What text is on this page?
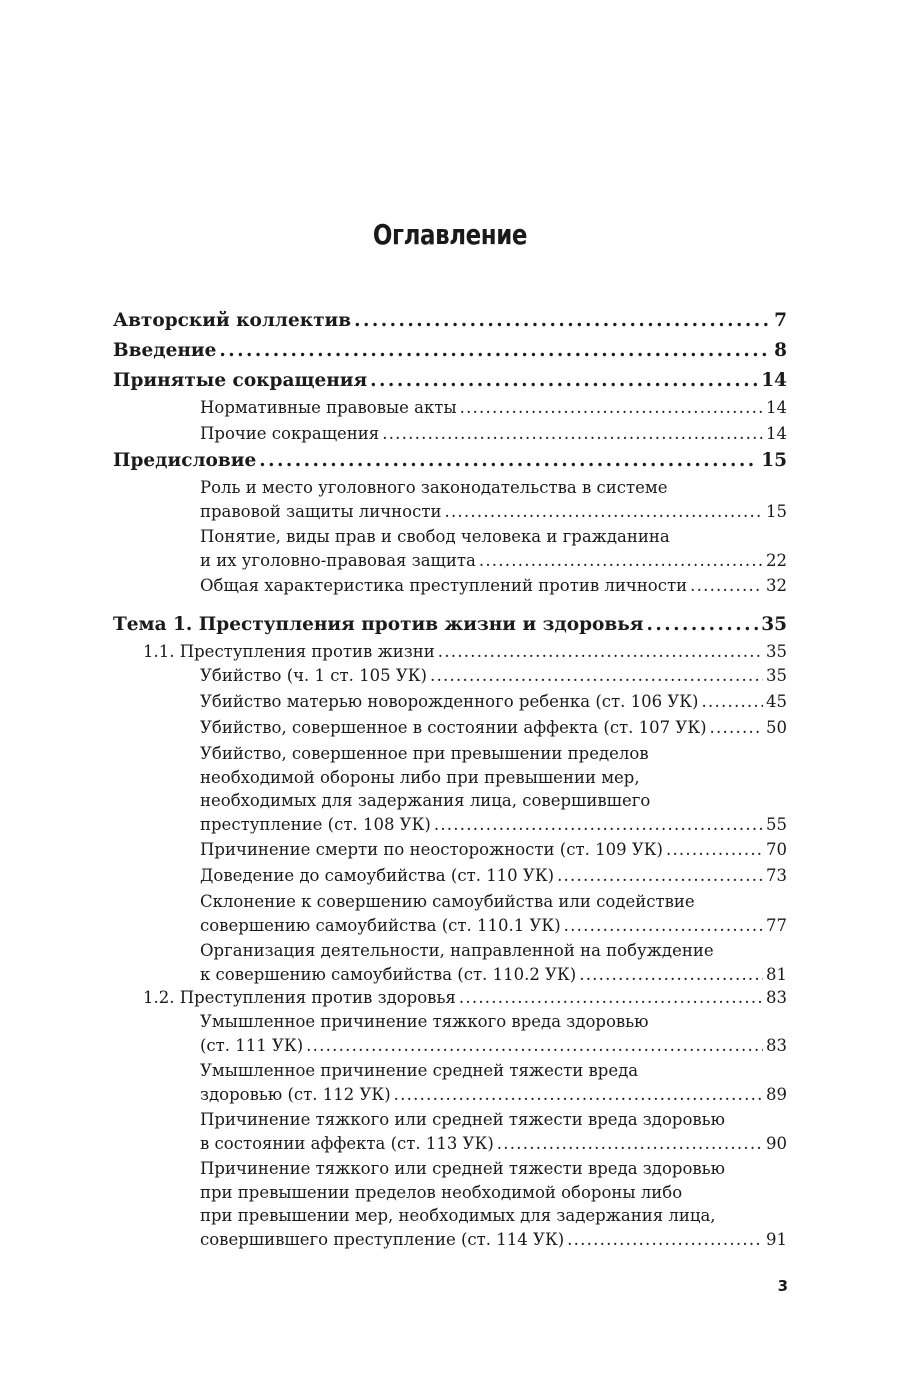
Оглавление
Авторский коллектив . . .	7
Введение . . .	8
Принятые сокращения . . .	14
Нормативные правовые акты . . .	14
Прочие сокращения . . .	14
Предисловие . . .	15
Роль и место уголовного законодательства в системе
правовой защиты личности . . .	15
Понятие, виды прав и свобод человека и гражданина
и их уголовно-правовая защита . . .	22
Общая характеристика преступлений против личности . . .	32
Тема 1. Преступления против жизни и здоровья . . .	35
1.1. Преступления против жизни . . .	35
Убийство (ч. 1 ст. 105 УК) . . .	35
Убийство матерью новорожденного ребенка (ст. 106 УК) . . .	45
Убийство, совершенное в состоянии аффекта (ст. 107 УК) . . .	50
Убийство, совершенное при превышении пределов
необходимой обороны либо при превышении мер,
необходимых для задержания лица, совершившего
преступление (ст. 108 УК) . . .	55
Причинение смерти по неосторожности (ст. 109 УК) . . .	70
Доведение до самоубийства (ст. 110 УК) . . .	73
Склонение к совершению самоубийства или содействие
совершению самоубийства (ст. 110.1 УК) . . .	77
Организация деятельности, направленной на побуждение
к совершению самоубийства (ст. 110.2 УК) . . .	81
1.2. Преступления против здоровья . . .	83
Умышленное причинение тяжкого вреда здоровью
(ст. 111 УК) . . .	83
Умышленное причинение средней тяжести вреда
здоровью (ст. 112 УК) . . .	89
Причинение тяжкого или средней тяжести вреда здоровью
в состоянии аффекта (ст. 113 УК) . . .	90
Причинение тяжкого или средней тяжести вреда здоровью
при превышении пределов необходимой обороны либо
при превышении мер, необходимых для задержания лица,
совершившего преступление (ст. 114 УК) . . .	91
3
